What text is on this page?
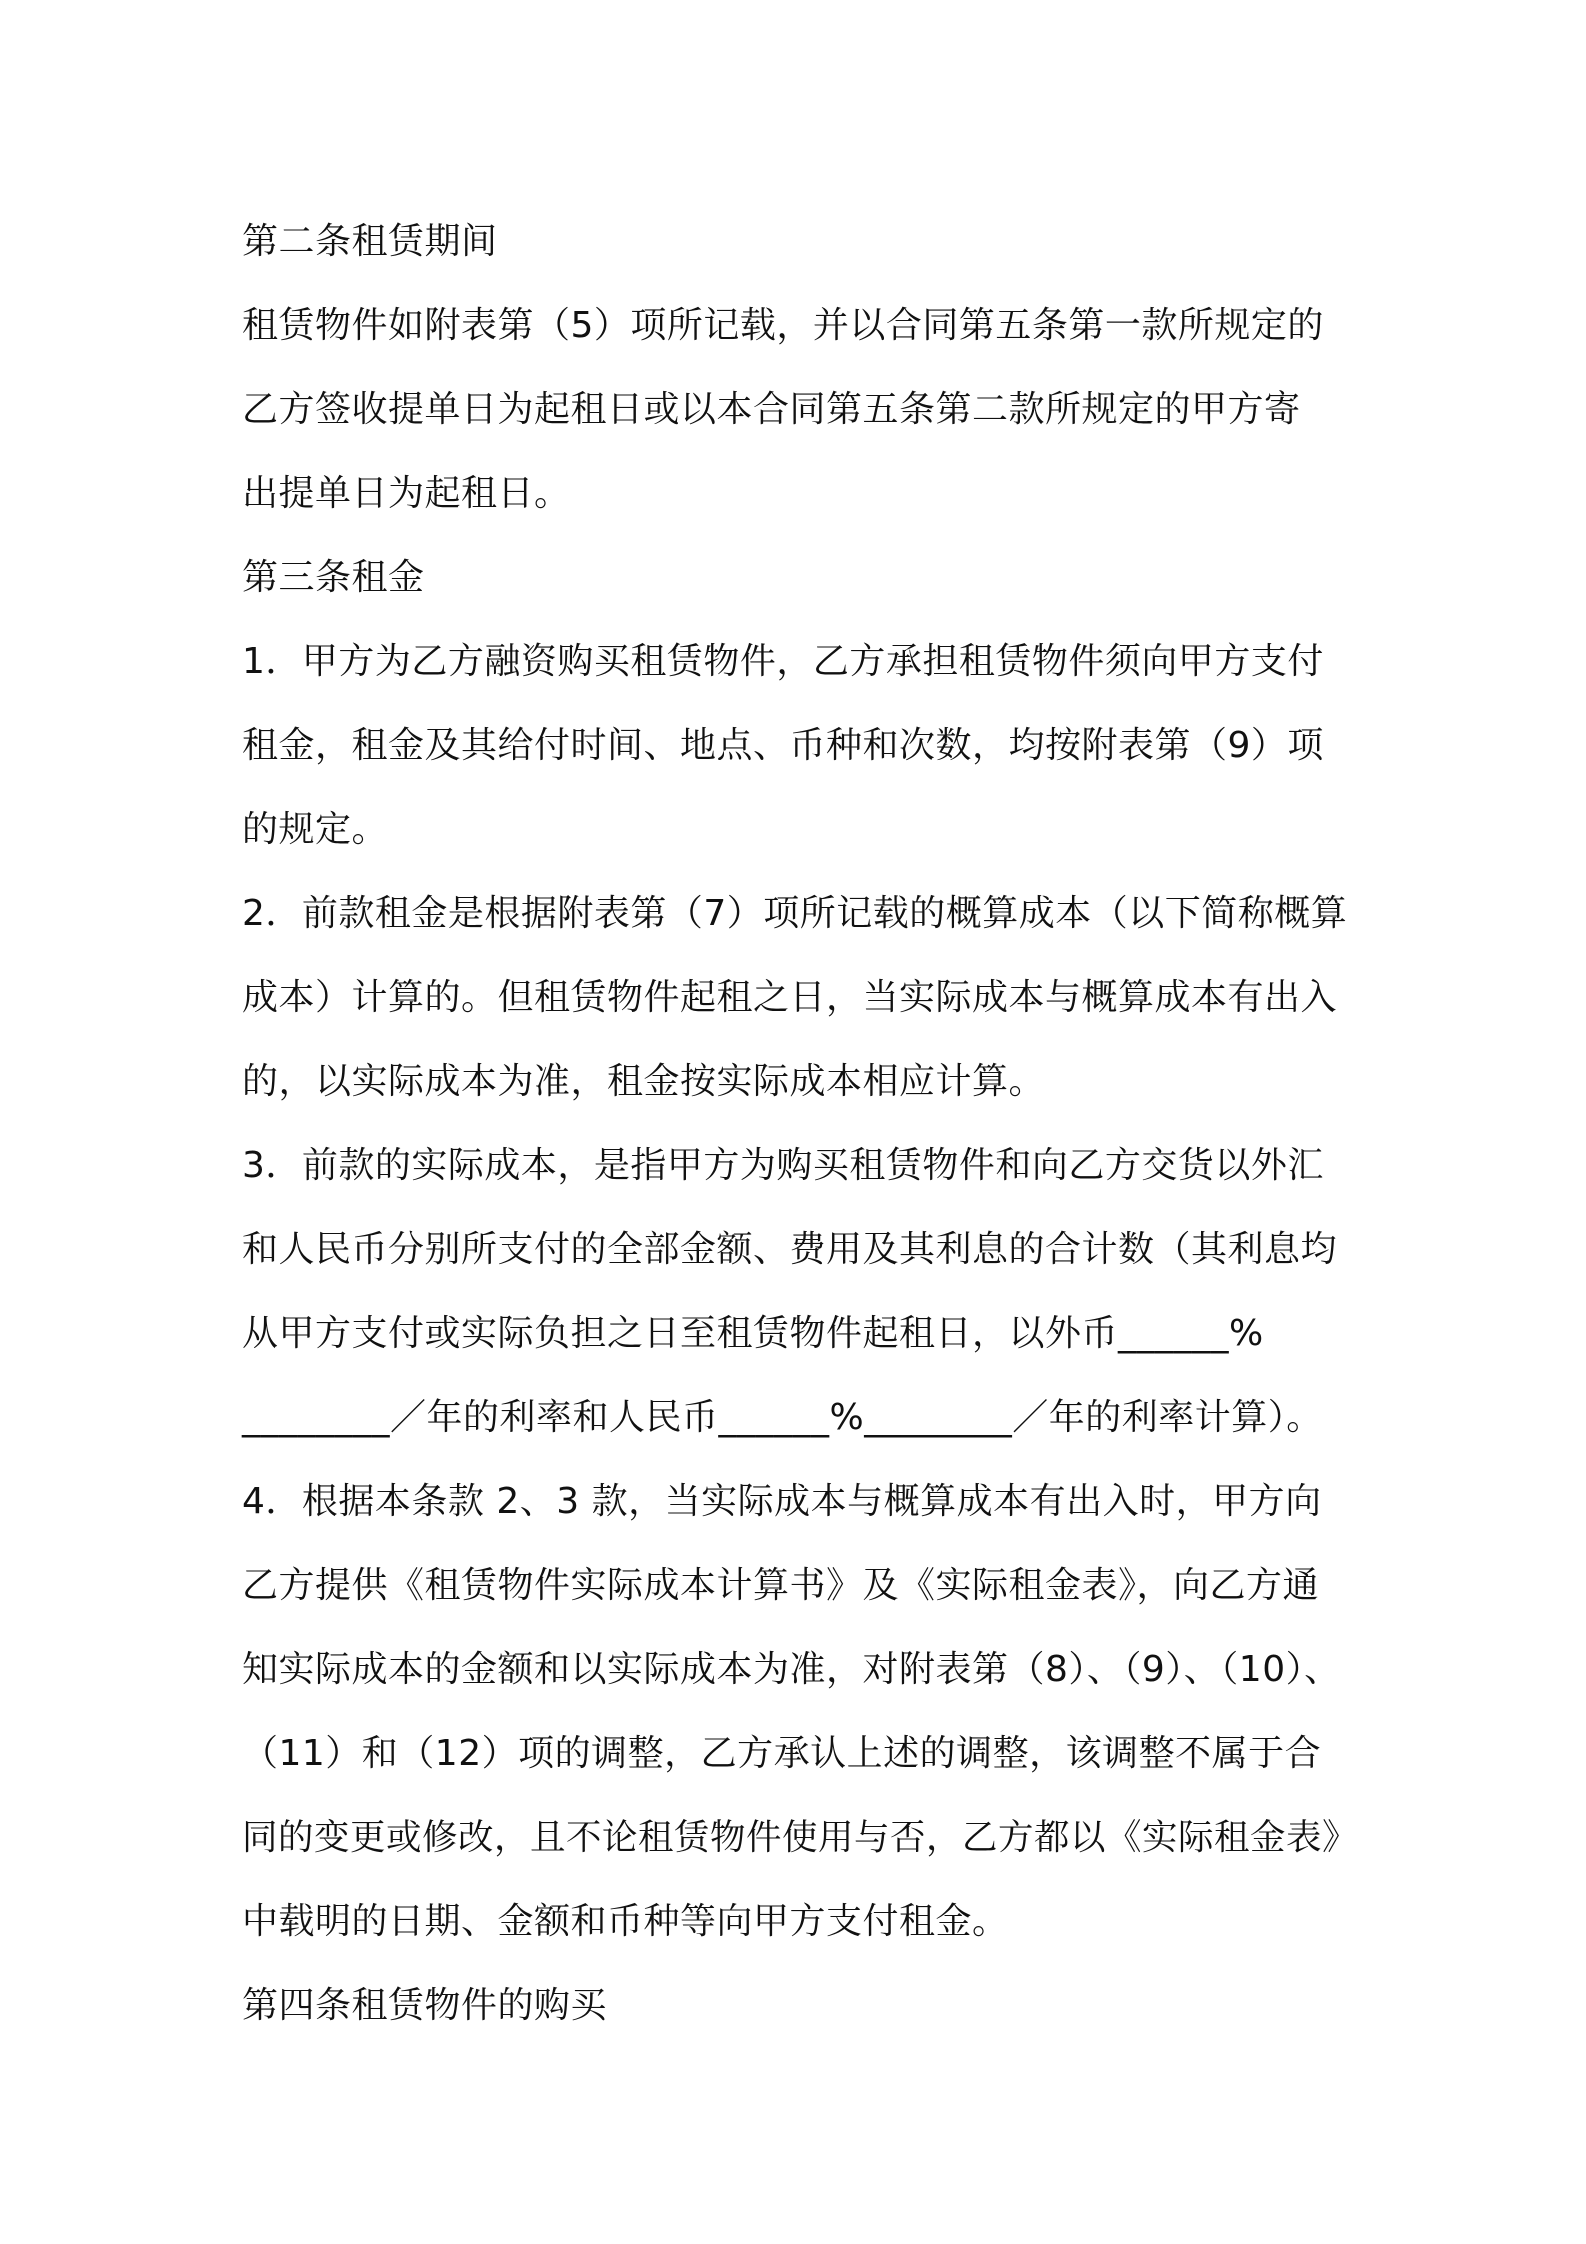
第二条租赁期间
租赁物件如附表第（5）项所记载，并以合同第五条第一款所规定的
乙方签收提单日为起租日或以本合同第五条第二款所规定的甲方寄
出提单日为起租日。
第三条租金
1．甲方为乙方融资购买租赁物件，乙方承担租赁物件须向甲方支付
租金，租金及其给付时间、地点、币种和次数，均按附表第（9）项
的规定。
2．前款租金是根据附表第（7）项所记载的概算成本（以下简称概算
成本）计算的。但租赁物件起租之日，当实际成本与概算成本有出入
的，以实际成本为准，租金按实际成本相应计算。
3．前款的实际成本，是指甲方为购买租赁物件和向乙方交货以外汇
和人民币分别所支付的全部金额、费用及其利息的合计数（其利息均
从甲方支付或实际负担之日至租赁物件起租日，以外币______%
________／年的利率和人民币______%________／年的利率计算）。
4．根据本条款 2、3 款，当实际成本与概算成本有出入时，甲方向
乙方提供《租赁物件实际成本计算书》及《实际租金表》，向乙方通
知实际成本的金额和以实际成本为准，对附表第（8）、（9）、（10）、
（11）和（12）项的调整，乙方承认上述的调整，该调整不属于合
同的变更或修改，且不论租赁物件使用与否，乙方都以《实际租金表》
中载明的日期、金额和币种等向甲方支付租金。
第四条租赁物件的购买
